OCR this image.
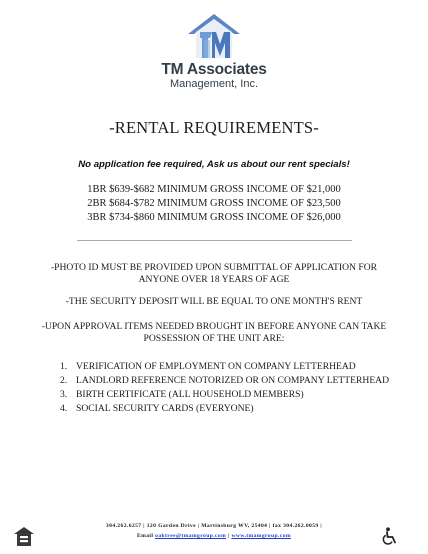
TM Associates
Management, Inc.
-RENTAL REQUIREMENTS-
No application fee required, Ask us about our rent specials!
1BR $639-$682 MINIMUM GROSS INCOME OF $21,000
2BR $684-$782 MINIMUM GROSS INCOME OF $23,500
3BR $734-$860 MINIMUM GROSS INCOME OF $26,000
-PHOTO ID MUST BE PROVIDED UPON SUBMITTAL OF APPLICATION FOR ANYONE OVER 18 YEARS OF AGE
-THE SECURITY DEPOSIT WILL BE EQUAL TO ONE MONTH'S RENT
-UPON APPROVAL ITEMS NEEDED BROUGHT IN BEFORE ANYONE CAN TAKE POSSESSION OF THE UNIT ARE:
1. VERIFICATION OF EMPLOYMENT ON COMPANY LETTERHEAD
2. LANDLORD REFERENCE NOTORIZED OR ON COMPANY LETTERHEAD
3. BIRTH CERTIFICATE (ALL HOUSEHOLD MEMBERS)
4. SOCIAL SECURITY CARDS (EVERYONE)
304.262.6257 | 120 Garden Drive | Martinsburg WV, 25404 | fax 304.262.0059 |
Email oaktree@tmamgroup.com | www.tmamgroup.com
